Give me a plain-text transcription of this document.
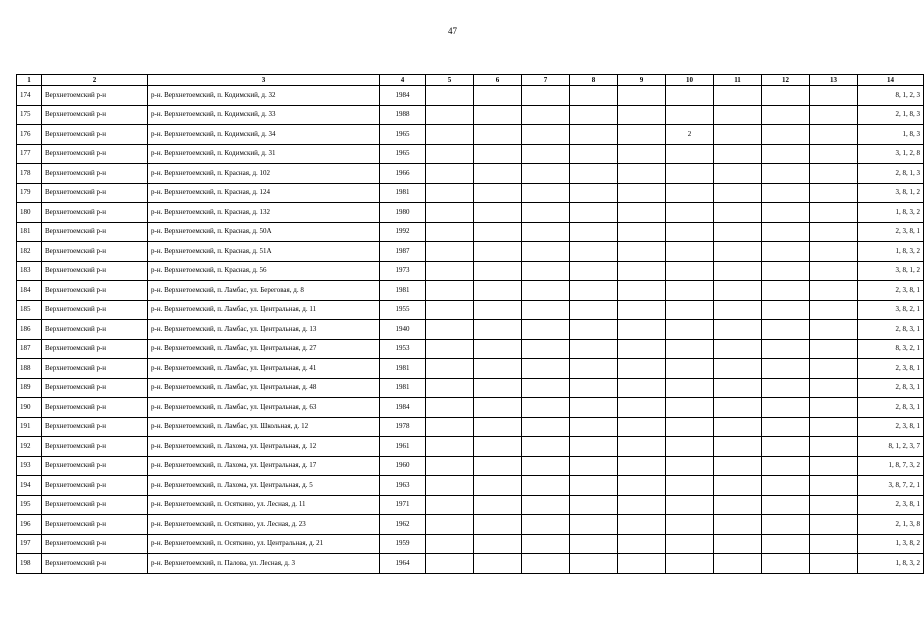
47
1	2	3	4	5	6	7	8	9	10	11	12	13	14
174	Верхнетоемский р-н	р-н. Верхнетоемский, п. Кодимский, д. 32	1984										8, 1, 2, 3
175	Верхнетоемский р-н	р-н. Верхнетоемский, п. Кодимский, д. 33	1988										2, 1, 8, 3
176	Верхнетоемский р-н	р-н. Верхнетоемский, п. Кодимский, д. 34	1965						2				1, 8, 3
177	Верхнетоемский р-н	р-н. Верхнетоемский, п. Кодимский, д. 31	1965										3, 1, 2, 8
178	Верхнетоемский р-н	р-н. Верхнетоемский, п. Красная, д. 102	1966										2, 8, 1, 3
179	Верхнетоемский р-н	р-н. Верхнетоемский, п. Красная, д. 124	1981										3, 8, 1, 2
180	Верхнетоемский р-н	р-н. Верхнетоемский, п. Красная, д. 132	1980										1, 8, 3, 2
181	Верхнетоемский р-н	р-н. Верхнетоемский, п. Красная, д. 50А	1992										2, 3, 8, 1
182	Верхнетоемский р-н	р-н. Верхнетоемский, п. Красная, д. 51А	1987										1, 8, 3, 2
183	Верхнетоемский р-н	р-н. Верхнетоемский, п. Красная, д. 56	1973										3, 8, 1, 2
184	Верхнетоемский р-н	р-н. Верхнетоемский, п. Ламбас, ул. Береговая, д. 8	1981										2, 3, 8, 1
185	Верхнетоемский р-н	р-н. Верхнетоемский, п. Ламбас, ул. Центральная, д. 11	1955										3, 8, 2, 1
186	Верхнетоемский р-н	р-н. Верхнетоемский, п. Ламбас, ул. Центральная, д. 13	1940										2, 8, 3, 1
187	Верхнетоемский р-н	р-н. Верхнетоемский, п. Ламбас, ул. Центральная, д. 27	1953										8, 3, 2, 1
188	Верхнетоемский р-н	р-н. Верхнетоемский, п. Ламбас, ул. Центральная, д. 41	1981										2, 3, 8, 1
189	Верхнетоемский р-н	р-н. Верхнетоемский, п. Ламбас, ул. Центральная, д. 48	1981										2, 8, 3, 1
190	Верхнетоемский р-н	р-н. Верхнетоемский, п. Ламбас, ул. Центральная, д. 63	1984										2, 8, 3, 1
191	Верхнетоемский р-н	р-н. Верхнетоемский, п. Ламбас, ул. Школьная, д. 12	1978										2, 3, 8, 1
192	Верхнетоемский р-н	р-н. Верхнетоемский, п. Лахома, ул. Центральная, д. 12	1961										8, 1, 2, 3, 7
193	Верхнетоемский р-н	р-н. Верхнетоемский, п. Лахома, ул. Центральная, д. 17	1960										1, 8, 7, 3, 2
194	Верхнетоемский р-н	р-н. Верхнетоемский, п. Лахома, ул. Центральная, д. 5	1963										3, 8, 7, 2, 1
195	Верхнетоемский р-н	р-н. Верхнетоемский, п. Осяткино, ул. Лесная, д. 11	1971										2, 3, 8, 1
196	Верхнетоемский р-н	р-н. Верхнетоемский, п. Осяткино, ул. Лесная, д. 23	1962										2, 1, 3, 8
197	Верхнетоемский р-н	р-н. Верхнетоемский, п. Осяткино, ул. Центральная, д. 21	1959										1, 3, 8, 2
198	Верхнетоемский р-н	р-н. Верхнетоемский, п. Палова, ул. Лесная, д. 3	1964										1, 8, 3, 2
